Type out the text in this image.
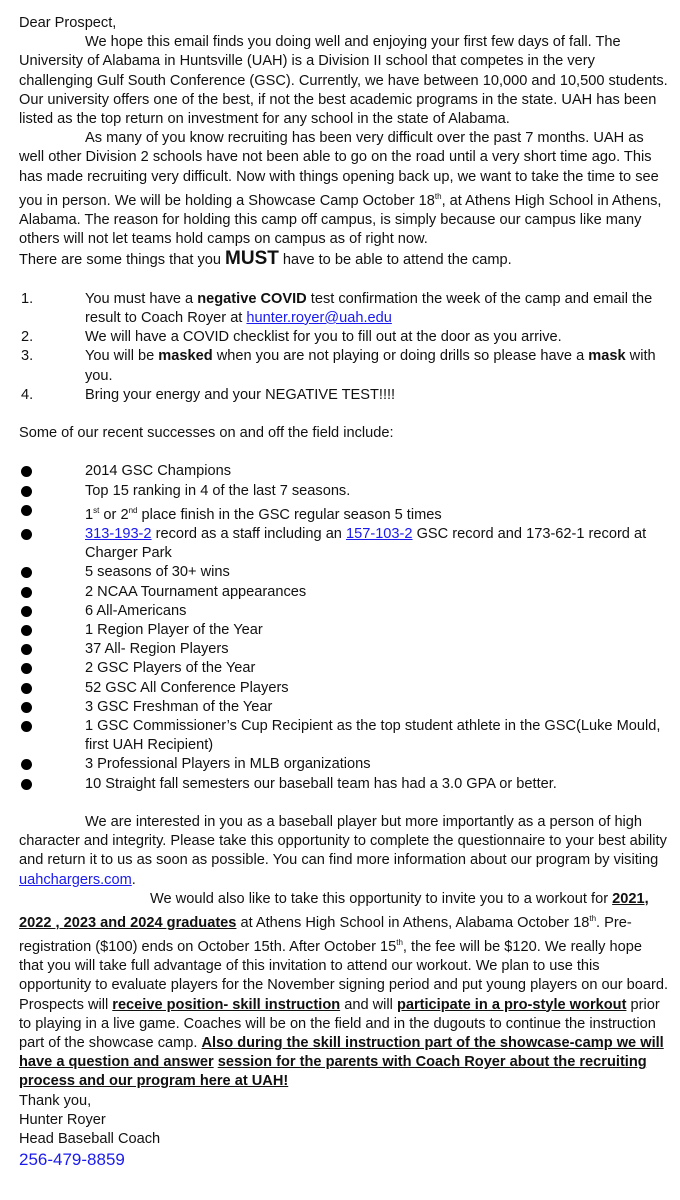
Dear Prospect,

We hope this email finds you doing well and enjoying your first few days of fall. The University of Alabama in Huntsville (UAH) is a Division II school that competes in the very challenging Gulf South Conference (GSC). Currently, we have between 10,000 and 10,500 students. Our university offers one of the best, if not the best academic programs in the state. UAH has been listed as the top return on investment for any school in the state of Alabama.

As many of you know recruiting has been very difficult over the past 7 months. UAH as well other Division 2 schools have not been able to go on the road until a very short time ago. This has made recruiting very difficult. Now with things opening back up, we want to take the time to see you in person. We will be holding a Showcase Camp October 18th, at Athens High School in Athens, Alabama. The reason for holding this camp off campus, is simply because our campus like many others will not let teams hold camps on campus as of right now.

There are some things that you MUST have to be able to attend the camp.

1.	You must have a negative COVID test confirmation the week of the camp and email the result to Coach Royer at hunter.royer@uah.edu
2.	We will have a COVID checklist for you to fill out at the door as you arrive.
3.	You will be masked when you are not playing or doing drills so please have a mask with you.
4.	Bring your energy and your NEGATIVE TEST!!!!

Some of our recent successes on and off the field include:

2014 GSC Champions
Top 15 ranking in 4 of the last 7 seasons.
1st or 2nd place finish in the GSC regular season 5 times
313-193-2 record as a staff including an 157-103-2 GSC record and 173-62-1 record at Charger Park
5 seasons of 30+ wins
2 NCAA Tournament appearances
6 All-Americans
1 Region Player of the Year
37 All- Region Players
2 GSC Players of the Year
52 GSC All Conference Players
3 GSC Freshman of the Year
1 GSC Commissioner’s Cup Recipient as the top student athlete in the GSC(Luke Mould, first UAH Recipient)
3 Professional Players in MLB organizations
10 Straight fall semesters our baseball team has had a 3.0 GPA or better.

We are interested in you as a baseball player but more importantly as a person of high character and integrity. Please take this opportunity to complete the questionnaire to your best ability and return it to us as soon as possible. You can find more information about our program by visiting uahchargers.com.

We would also like to take this opportunity to invite you to a workout for 2021, 2022 , 2023 and 2024 graduates at Athens High School in Athens, Alabama October 18th. Pre-registration ($100) ends on October 15th. After October 15th, the fee will be $120. We really hope that you will take full advantage of this invitation to attend our workout. We plan to use this opportunity to evaluate players for the November signing period and put young players on our board.

Prospects will receive position- skill instruction and will participate in a pro-style workout prior to playing in a live game. Coaches will be on the field and in the dugouts to continue the instruction part of the showcase camp. Also during the skill instruction part of the showcase-camp we will have a question and answer session for the parents with Coach Royer about the recruiting process and our program here at UAH!

Thank you,

Hunter Royer

Head Baseball Coach

256-479-8859
